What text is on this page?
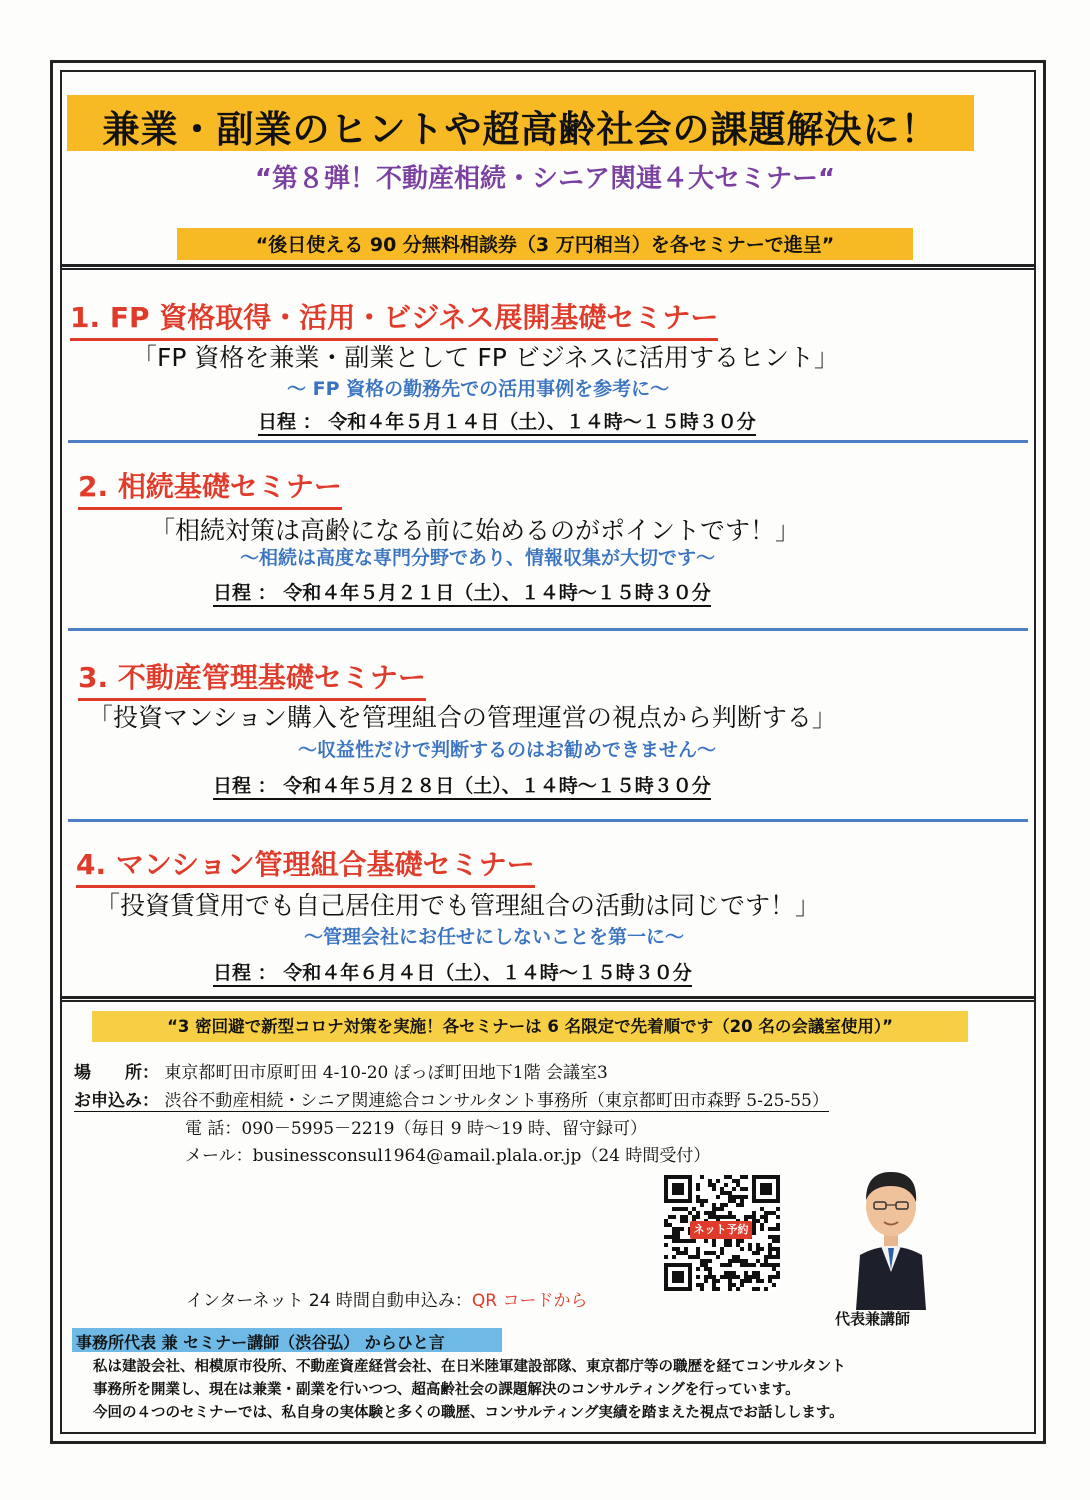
兼業・副業のヒントや超高齢社会の課題解決に！
“第８弾！不動産相続・シニア関連４大セミナー“
“後日使える 90 分無料相談券（3 万円相当）を各セミナーで進呈”
1. FP 資格取得・活用・ビジネス展開基礎セミナー
「FP 資格を兼業・副業として FP ビジネスに活用するヒント」
～ FP 資格の勤務先での活用事例を参考に～
日程 ： 令和４年５月１４日（土）、１４時～１５時３０分
2. 相続基礎セミナー
「相続対策は高齢になる前に始めるのがポイントです！」
～相続は高度な専門分野であり、情報収集が大切です～
日程 ： 令和４年５月２１日（土）、１４時～１５時３０分
3. 不動産管理基礎セミナー
「投資マンション購入を管理組合の管理運営の視点から判断する」
～収益性だけで判断するのはお勧めできません～
日程 ： 令和４年５月２８日（土）、１４時～１５時３０分
4. マンション管理組合基礎セミナー
「投資賃貸用でも自己居住用でも管理組合の活動は同じです！」
～管理会社にお任せにしないことを第一に～
日程 ： 令和４年６月４日（土）、１４時～１５時３０分
“3 密回避で新型コロナ対策を実施！各セミナーは 6 名限定で先着順です（20 名の会議室使用）”
場　　所： 東京都町田市原町田 4-10-20 ぽっぽ町田地下1階 会議室3
お申込み： 渋谷不動産相続・シニア関連総合コンサルタント事務所（東京都町田市森野 5-25-55）
電 話：090－5995－2219（毎日 9 時～19 時、留守録可）
メール：businessconsul1964@amail.plala.or.jp（24 時間受付）
ネット予約
代表兼講師
インターネット 24 時間自動申込み：QR コードから
事務所代表 兼 セミナー講師（渋谷弘） からひと言
私は建設会社、相模原市役所、不動産資産経営会社、在日米陸軍建設部隊、東京都庁等の職歴を経てコンサルタント
事務所を開業し、現在は兼業・副業を行いつつ、超高齢社会の課題解決のコンサルティングを行っています。
今回の４つのセミナーでは、私自身の実体験と多くの職歴、コンサルティング実績を踏まえた視点でお話しします。
